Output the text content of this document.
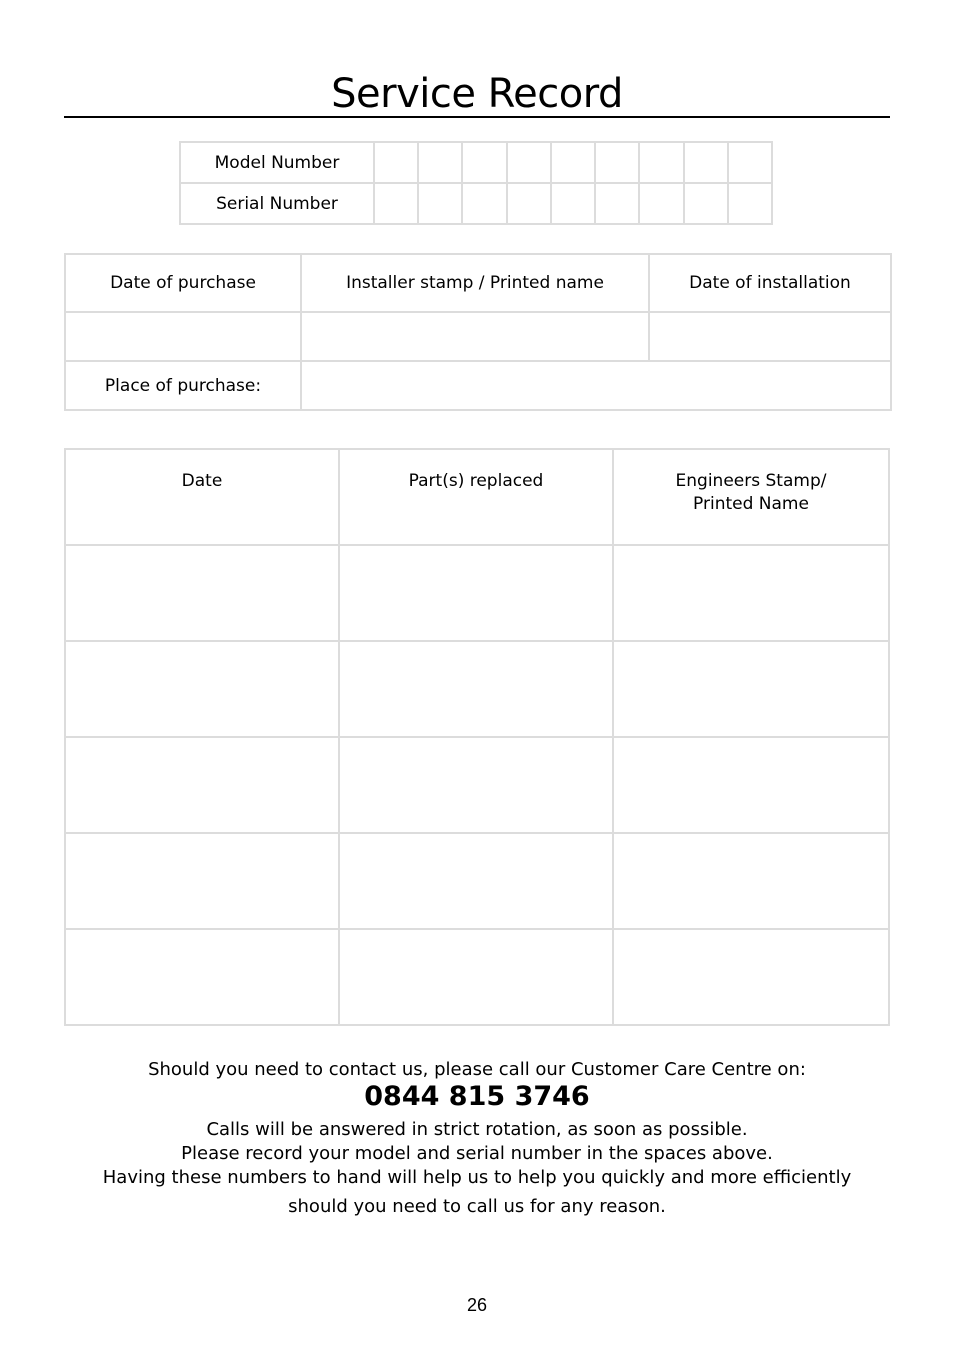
Service Record
Model Number									
Serial Number									
Date of purchase	Installer stamp / Printed name	Date of installation

Place of purchase:		
Date	Part(s) replaced	Engineers Stamp/
Printed Name

Should you need to contact us, please call our Customer Care Centre on:
0844 815 3746
Calls will be answered in strict rotation, as soon as possible.
Please record your model and serial number in the spaces above.
Having these numbers to hand will help us to help you quickly and more efficiently
should you need to call us for any reason.
26
